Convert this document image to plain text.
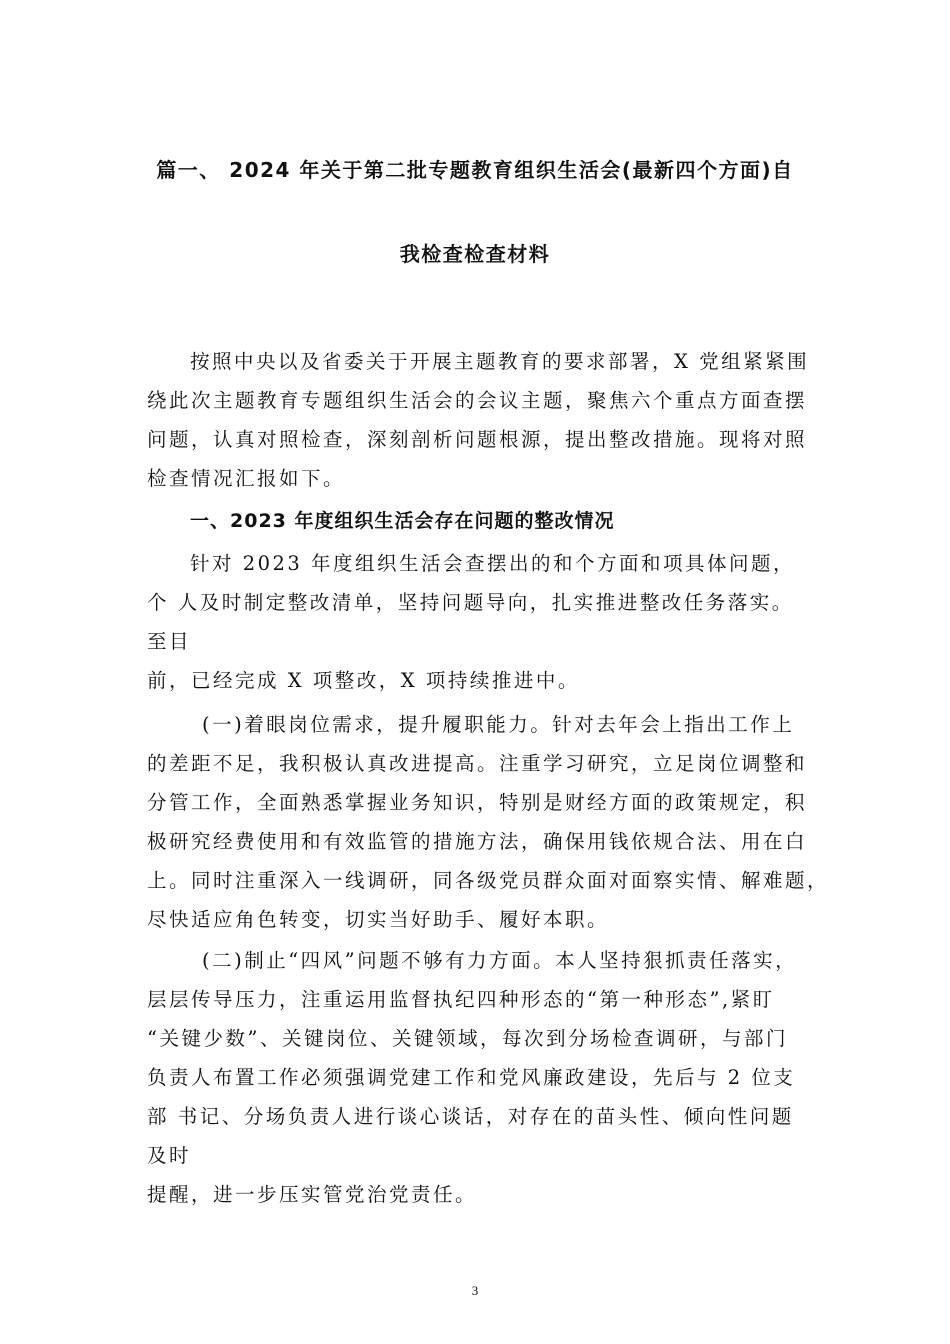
篇一、 2024 年关于第二批专题教育组织生活会(最新四个方面)自
我检查检查材料
按照中央以及省委关于开展主题教育的要求部署，X 党组紧紧围
绕此次主题教育专题组织生活会的会议主题，聚焦六个重点方面查摆
问题，认真对照检查，深刻剖析问题根源，提出整改措施。现将对照
检查情况汇报如下。
一、2023 年度组织生活会存在问题的整改情况
针对 2023 年度组织生活会查摆出的和个方面和项具体问题，
个 人及时制定整改清单，坚持问题导向，扎实推进整改任务落实。
至目
前，已经完成 X 项整改，X 项持续推进中。
(一)着眼岗位需求，提升履职能力。针对去年会上指出工作上
的差距不足，我积极认真改进提高。注重学习研究，立足岗位调整和
分管工作，全面熟悉掌握业务知识，特别是财经方面的政策规定，积
极研究经费使用和有效监管的措施方法，确保用钱依规合法、用在白
上。同时注重深入一线调研，同各级党员群众面对面察实情、解难题，
尽快适应角色转变，切实当好助手、履好本职。
(二)制止“四风”问题不够有力方面。本人坚持狠抓责任落实，
层层传导压力，注重运用监督执纪四种形态的“第一种形态”,紧盯
“关键少数”、关键岗位、关键领域，每次到分场检查调研，与部门
负责人布置工作必须强调党建工作和党风廉政建设，先后与 2 位支
部 书记、分场负责人进行谈心谈话，对存在的苗头性、倾向性问题
及时
提醒，进一步压实管党治党责任。
3
